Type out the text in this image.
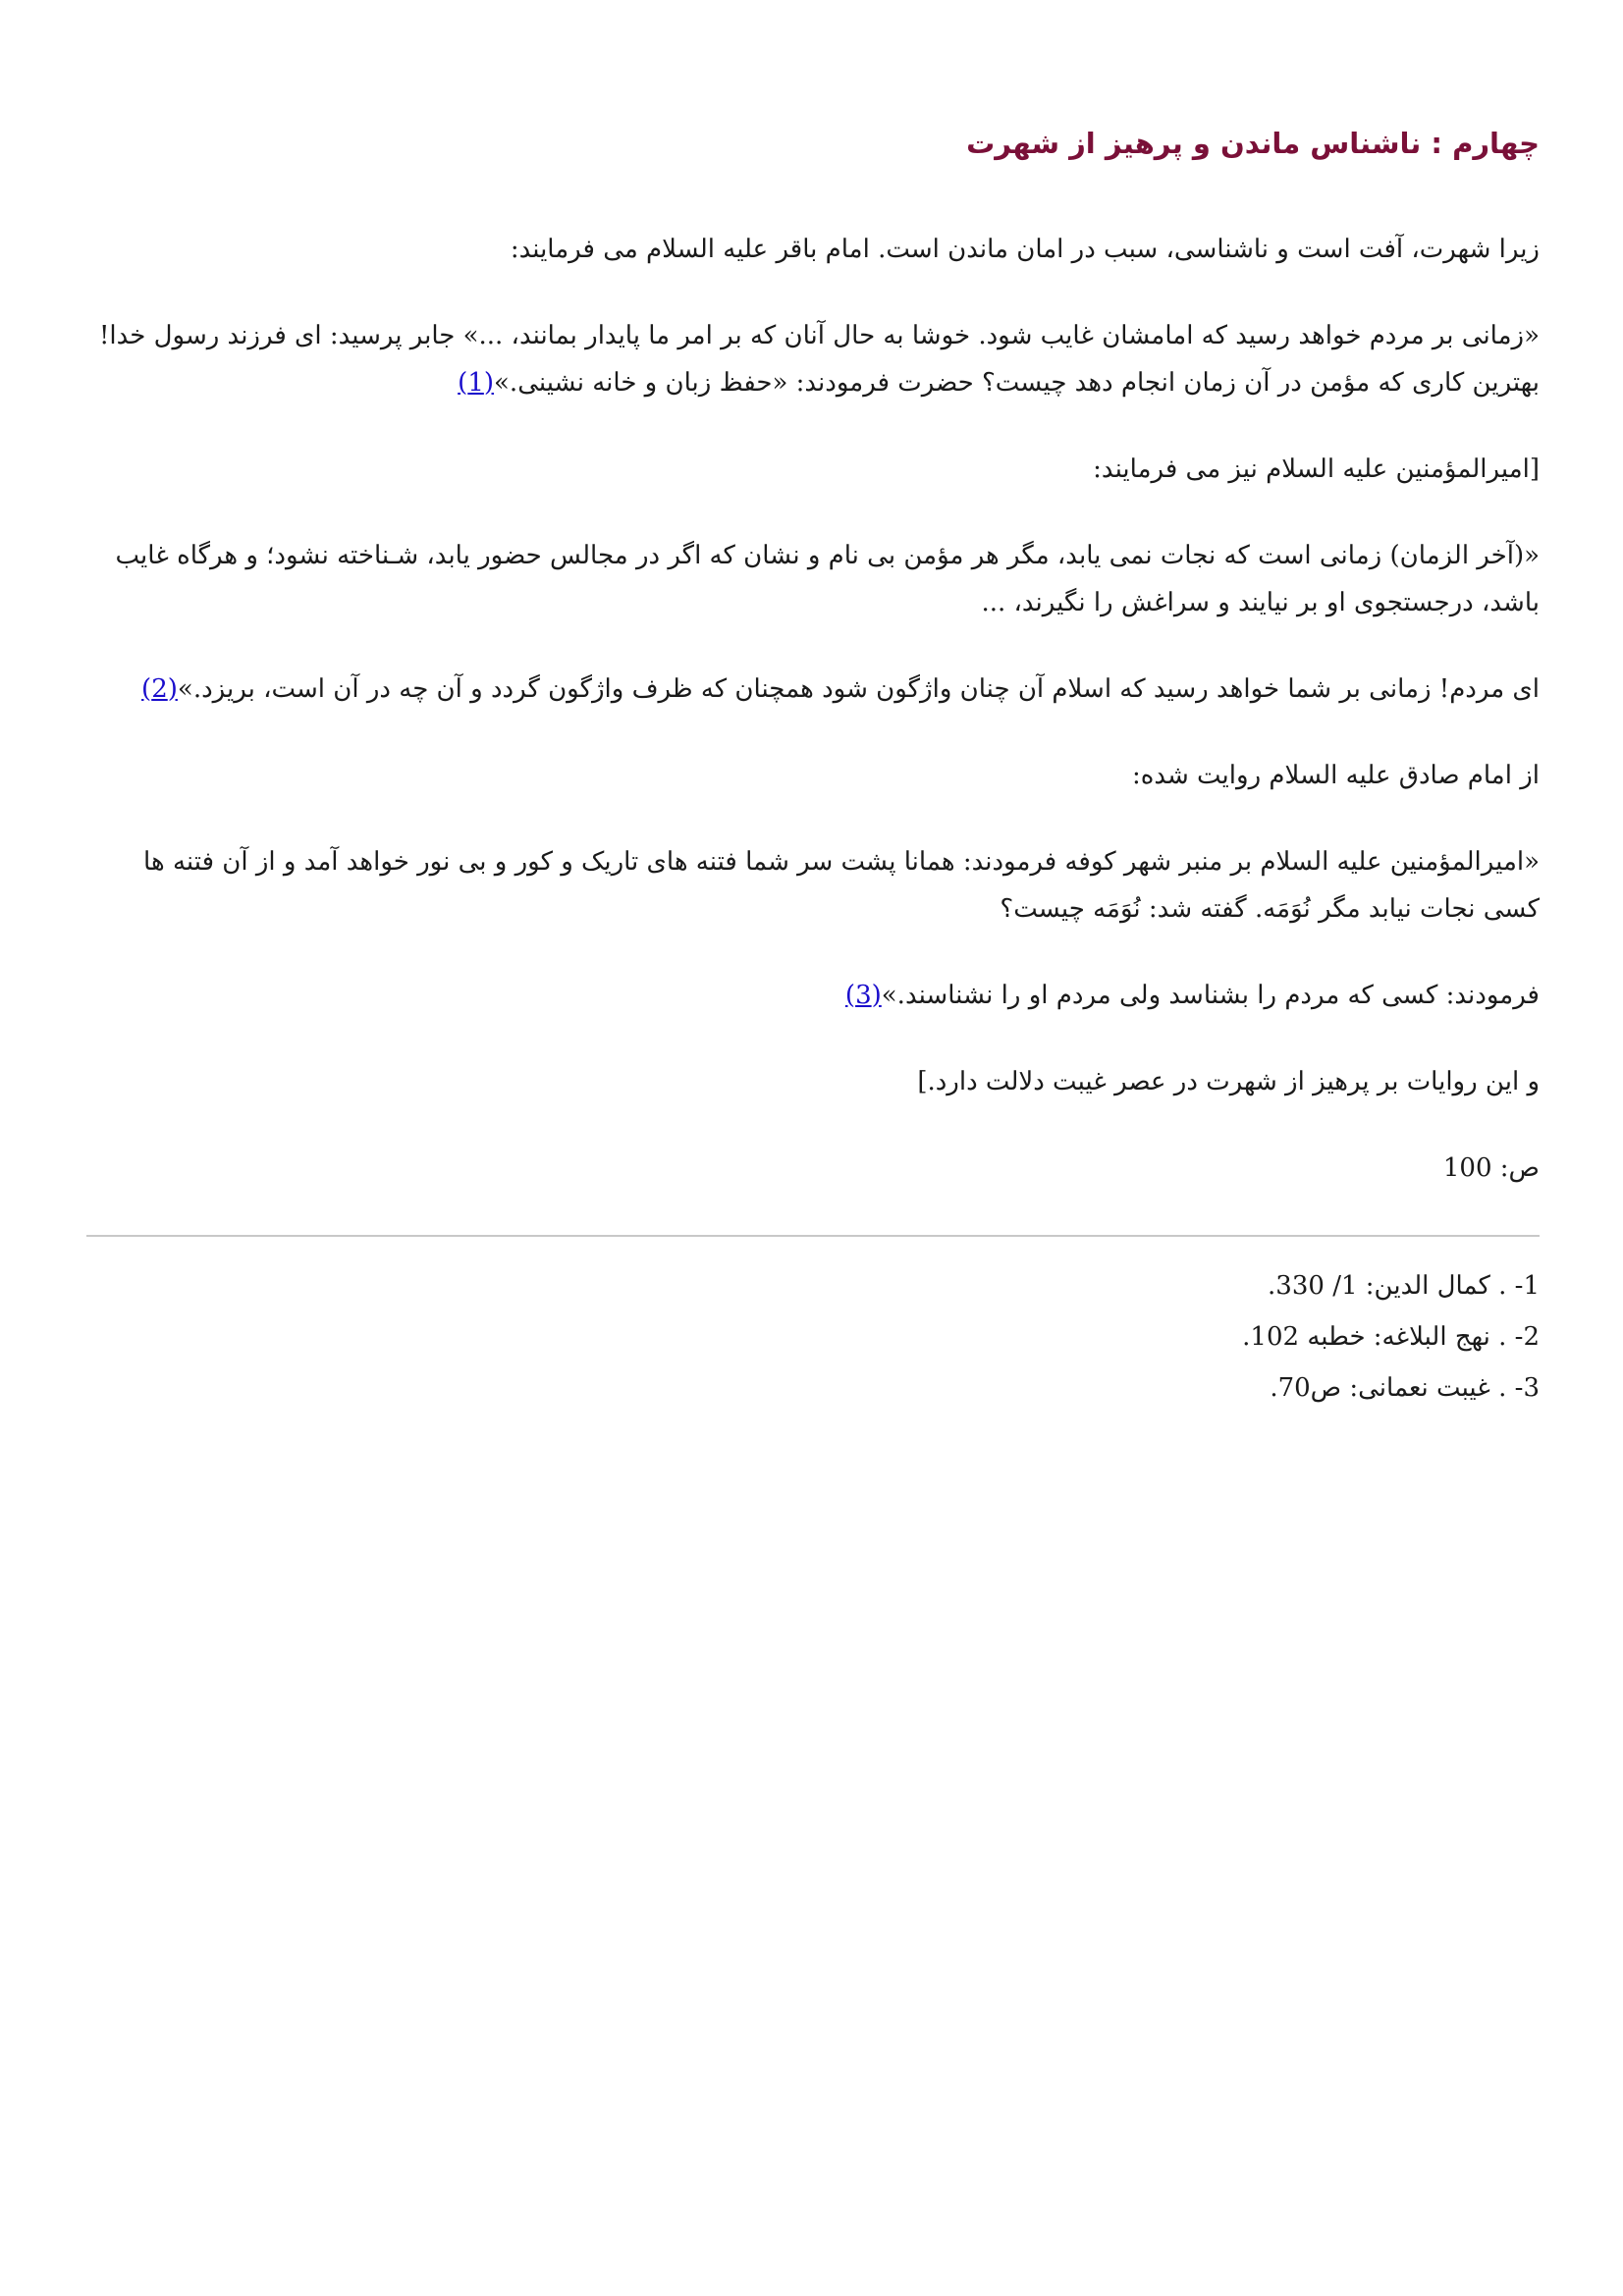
چهارم : ناشناس ماندن و پرهیز از شهرت

زیرا شهرت، آفت است و ناشناسی، سبب در امان ماندن است. امام باقر علیه السلام می فرمایند:

«زمانی بر مردم خواهد رسید که امامشان غایب شود. خوشا به حال آنان که بر امر ما پایدار بمانند، ...» جابر پرسید: ای فرزند رسول خدا! بهترین کاری که مؤمن در آن زمان انجام دهد چیست؟ حضرت فرمودند: «حفظ زبان و خانه نشینی.»(1)

[امیرالمؤمنین علیه السلام نیز می فرمایند:

«(آخر الزمان) زمانی است که نجات نمی یابد، مگر هر مؤمن بی نام و نشان که اگر در مجالس حضور یابد، شـناخته نشود؛ و هرگاه غایب باشد، درجستجوی او بر نیایند و سراغش را نگیرند، ...

ای مردم! زمانی بر شما خواهد رسید که اسلام آن چنان واژگون شود همچنان که ظرف واژگون گردد و آن چه در آن است، بریزد.»(2)

از امام صادق علیه السلام روایت شده:

«امیرالمؤمنین علیه السلام بر منبر شهر کوفه فرمودند: همانا پشت سر شما فتنه های تاریک و کور و بی نور خواهد آمد و از آن فتنه ها کسی نجات نیابد مگر نُوَمَه. گفته شد: نُوَمَه چیست؟

فرمودند: کسی که مردم را بشناسد ولی مردم او را نشناسند.»(3)

و این روایات بر پرهیز از شهرت در عصر غیبت دلالت دارد.]

ص: 100

1- . کمال الدین: 1/ 330.
2- . نهج البلاغه: خطبه 102.
3- . غیبت نعمانی: ص70.
